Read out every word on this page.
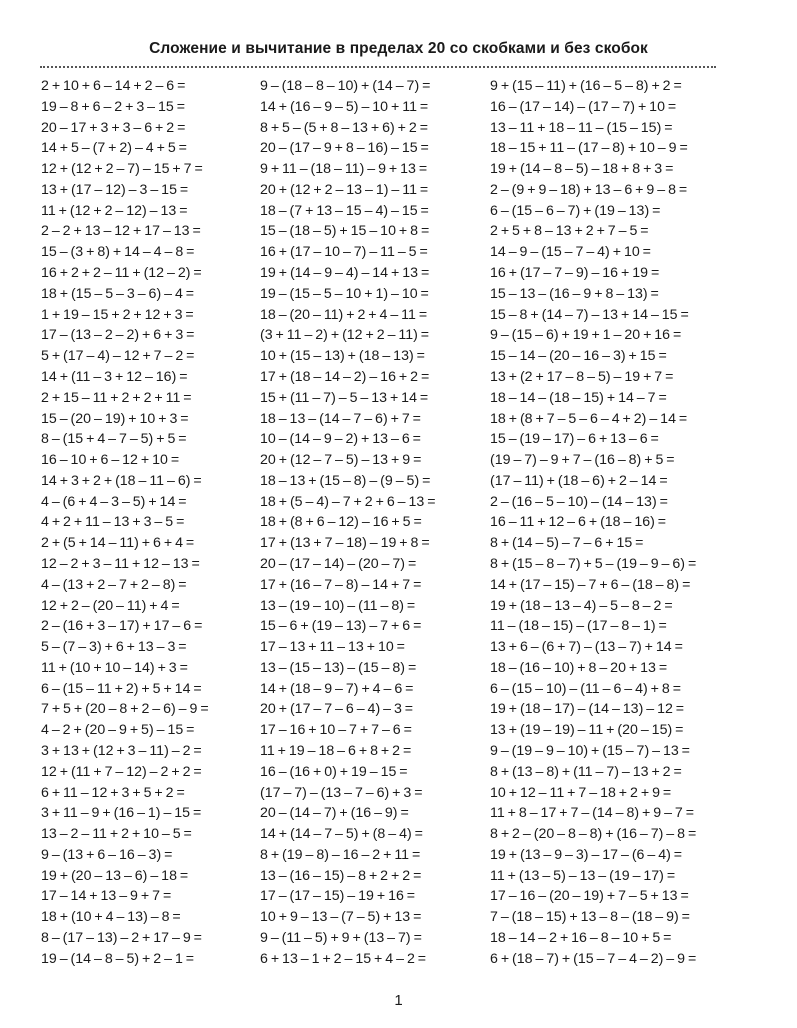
Сложение и вычитание в пределах 20 со скобками и без скобок
2 + 10 + 6 – 14 + 2 – 6 =
19 – 8 + 6 – 2 + 3 – 15 =
20 – 17 + 3 + 3 – 6 + 2 =
14 + 5 – (7 + 2) – 4 + 5 =
12 + (12 + 2 – 7) – 15 + 7 =
13 + (17 – 12) – 3 – 15 =
11 + (12 + 2 – 12) – 13 =
2 – 2 + 13 – 12 + 17 – 13 =
15 – (3 + 8) + 14 – 4 – 8 =
16 + 2 + 2 – 11 + (12 – 2) =
18 + (15 – 5 – 3 – 6) – 4 =
1 + 19 – 15 + 2 + 12 + 3 =
17 – (13 – 2 – 2) + 6 + 3 =
5 + (17 – 4) – 12 + 7 – 2 =
14 + (11 – 3 + 12 – 16) =
2 + 15 – 11 + 2 + 2 + 11 =
15 – (20 – 19) + 10 + 3 =
8 – (15 + 4 – 7 – 5) + 5 =
16 – 10 + 6 – 12 + 10 =
14 + 3 + 2 + (18 – 11 – 6) =
4 – (6 + 4 – 3 – 5) + 14 =
4 + 2 + 11 – 13 + 3 – 5 =
2 + (5 + 14 – 11) + 6 + 4 =
12 – 2 + 3 – 11 + 12 – 13 =
4 – (13 + 2 – 7 + 2 – 8) =
12 + 2 – (20 – 11) + 4 =
2 – (16 + 3 – 17) + 17 – 6 =
5 – (7 – 3) + 6 + 13 – 3 =
11 + (10 + 10 – 14) + 3 =
6 – (15 – 11 + 2) + 5 + 14 =
7 + 5 + (20 – 8 + 2 – 6) – 9 =
4 – 2 + (20 – 9 + 5) – 15 =
3 + 13 + (12 + 3 – 11) – 2 =
12 + (11 + 7 – 12) – 2 + 2 =
6 + 11 – 12 + 3 + 5 + 2 =
3 + 11 – 9 + (16 – 1) – 15 =
13 – 2 – 11 + 2 + 10 – 5 =
9 – (13 + 6 – 16 – 3) =
19 + (20 – 13 – 6) – 18 =
17 – 14 + 13 – 9 + 7 =
18 + (10 + 4 – 13) – 8 =
8 – (17 – 13) – 2 + 17 – 9 =
19 – (14 – 8 – 5) + 2 – 1 =
9 – (18 – 8 – 10) + (14 – 7) =
14 + (16 – 9 – 5) – 10 + 11 =
8 + 5 – (5 + 8 – 13 + 6) + 2 =
20 – (17 – 9 + 8 – 16) – 15 =
9 + 11 – (18 – 11) – 9 + 13 =
20 + (12 + 2 – 13 – 1) – 11 =
18 – (7 + 13 – 15 – 4) – 15 =
15 – (18 – 5) + 15 – 10 + 8 =
16 + (17 – 10 – 7) – 11 – 5 =
19 + (14 – 9 – 4) – 14 + 13 =
19 – (15 – 5 – 10 + 1) – 10 =
18 – (20 – 11) + 2 + 4 – 11 =
(3 + 11 – 2) + (12 + 2 – 11) =
10 + (15 – 13) + (18 – 13) =
17 + (18 – 14 – 2) – 16 + 2 =
15 + (11 – 7) – 5 – 13 + 14 =
18 – 13 – (14 – 7 – 6) + 7 =
10 – (14 – 9 – 2) + 13 – 6 =
20 + (12 – 7 – 5) – 13 + 9 =
18 – 13 + (15 – 8) – (9 – 5) =
18 + (5 – 4) – 7 + 2 + 6 – 13 =
18 + (8 + 6 – 12) – 16 + 5 =
17 + (13 + 7 – 18) – 19 + 8 =
20 – (17 – 14) – (20 – 7) =
17 + (16 – 7 – 8) – 14 + 7 =
13 – (19 – 10) – (11 – 8) =
15 – 6 + (19 – 13) – 7 + 6 =
17 – 13 + 11 – 13 + 10 =
13 – (15 – 13) – (15 – 8) =
14 + (18 – 9 – 7) + 4 – 6 =
20 + (17 – 7 – 6 – 4) – 3 =
17 – 16 + 10 – 7 + 7 – 6 =
11 + 19 – 18 – 6 + 8 + 2 =
16 – (16 + 0) + 19 – 15 =
(17 – 7) – (13 – 7 – 6) + 3 =
20 – (14 – 7) + (16 – 9) =
14 + (14 – 7 – 5) + (8 – 4) =
8 + (19 – 8) – 16 – 2 + 11 =
13 – (16 – 15) – 8 + 2 + 2 =
17 – (17 – 15) – 19 + 16 =
10 + 9 – 13 – (7 – 5) + 13 =
9 – (11 – 5) + 9 + (13 – 7) =
6 + 13 – 1 + 2 – 15 + 4 – 2 =
9 + (15 – 11) + (16 – 5 – 8) + 2 =
16 – (17 – 14) – (17 – 7) + 10 =
13 – 11 + 18 – 11 – (15 – 15) =
18 – 15 + 11 – (17 – 8) + 10 – 9 =
19 + (14 – 8 – 5) – 18 + 8 + 3 =
2 – (9 + 9 – 18) + 13 – 6 + 9 – 8 =
6 – (15 – 6 – 7) + (19 – 13) =
2 + 5 + 8 – 13 + 2 + 7 – 5 =
14 – 9 – (15 – 7 – 4) + 10 =
16 + (17 – 7 – 9) – 16 + 19 =
15 – 13 – (16 – 9 + 8 – 13) =
15 – 8 + (14 – 7) – 13 + 14 – 15 =
9 – (15 – 6) + 19 + 1 – 20 + 16 =
15 – 14 – (20 – 16 – 3) + 15 =
13 + (2 + 17 – 8 – 5) – 19 + 7 =
18 – 14 – (18 – 15) + 14 – 7 =
18 + (8 + 7 – 5 – 6 – 4 + 2) – 14 =
15 – (19 – 17) – 6 + 13 – 6 =
(19 – 7) – 9 + 7 – (16 – 8) + 5 =
(17 – 11) + (18 – 6) + 2 – 14 =
2 – (16 – 5 – 10) – (14 – 13) =
16 – 11 + 12 – 6 + (18 – 16) =
8 + (14 – 5) – 7 – 6 + 15 =
8 + (15 – 8 – 7) + 5 – (19 – 9 – 6) =
14 + (17 – 15) – 7 + 6 – (18 – 8) =
19 + (18 – 13 – 4) – 5 – 8 – 2 =
11 – (18 – 15) – (17 – 8 – 1) =
13 + 6 – (6 + 7) – (13 – 7) + 14 =
18 – (16 – 10) + 8 – 20 + 13 =
6 – (15 – 10) – (11 – 6 – 4) + 8 =
19 + (18 – 17) – (14 – 13) – 12 =
13 + (19 – 19) – 11 + (20 – 15) =
9 – (19 – 9 – 10) + (15 – 7) – 13 =
8 + (13 – 8) + (11 – 7) – 13 + 2 =
10 + 12 – 11 + 7 – 18 + 2 + 9 =
11 + 8 – 17 + 7 – (14 – 8) + 9 – 7 =
8 + 2 – (20 – 8 – 8) + (16 – 7) – 8 =
19 + (13 – 9 – 3) – 17 – (6 – 4) =
11 + (13 – 5) – 13 – (19 – 17) =
17 – 16 – (20 – 19) + 7 – 5 + 13 =
7 – (18 – 15) + 13 – 8 – (18 – 9) =
18 – 14 – 2 + 16 – 8 – 10 + 5 =
6 + (18 – 7) + (15 – 7 – 4 – 2) – 9 =
1
